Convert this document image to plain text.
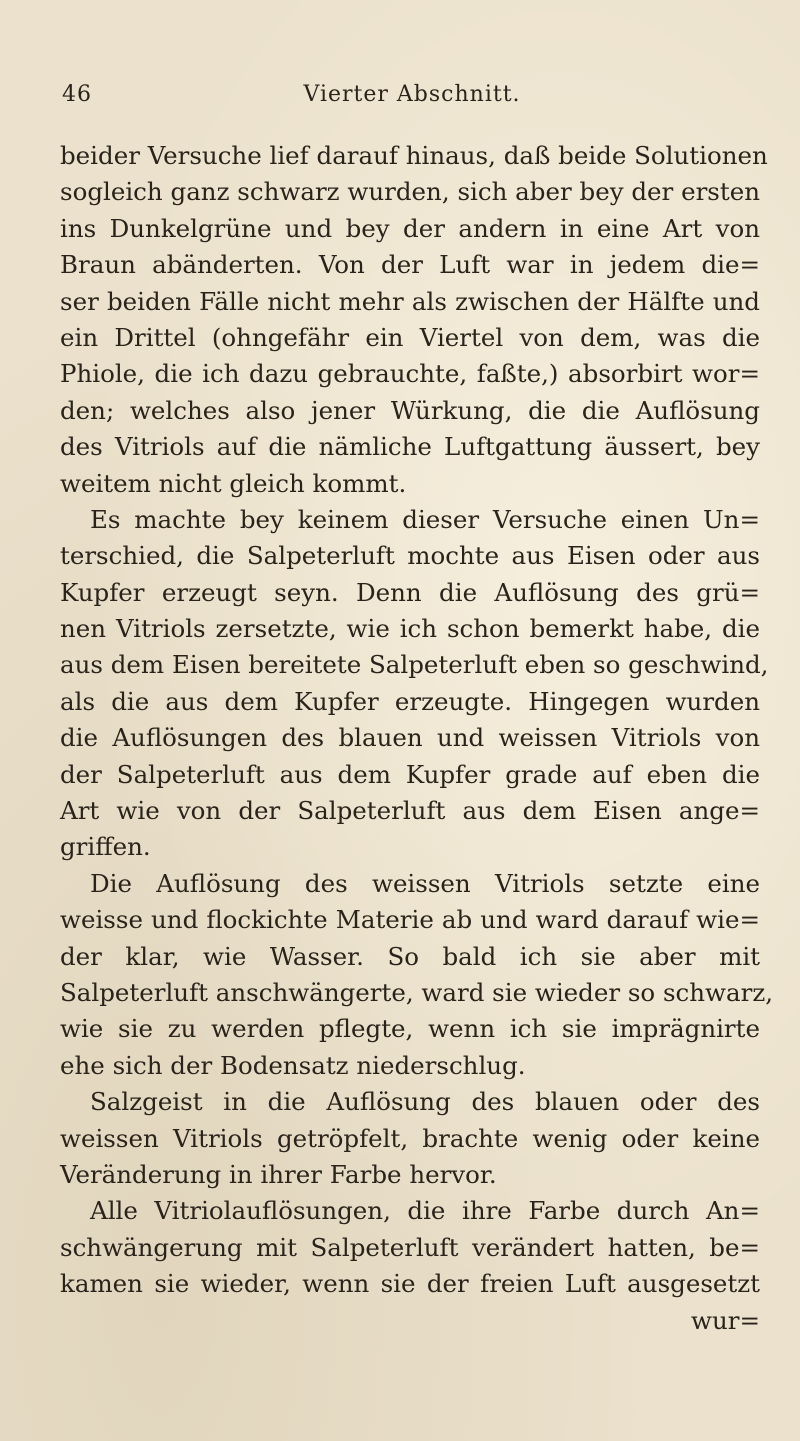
46	Vierter Abschnitt.
beider Versuche lief darauf hinaus, daß beide Solutionen
sogleich ganz schwarz wurden, sich aber bey der ersten
ins Dunkelgrüne und bey der andern in eine Art von
Braun abänderten. Von der Luft war in jedem die=
ser beiden Fälle nicht mehr als zwischen der Hälfte und
ein Drittel (ohngefähr ein Viertel von dem, was die
Phiole, die ich dazu gebrauchte, faßte,) absorbirt wor=
den; welches also jener Würkung, die die Auflösung
des Vitriols auf die nämliche Luftgattung äussert, bey
weitem nicht gleich kommt.
Es machte bey keinem dieser Versuche einen Un=
terschied, die Salpeterluft mochte aus Eisen oder aus
Kupfer erzeugt seyn. Denn die Auflösung des grü=
nen Vitriols zersetzte, wie ich schon bemerkt habe, die
aus dem Eisen bereitete Salpeterluft eben so geschwind,
als die aus dem Kupfer erzeugte. Hingegen wurden
die Auflösungen des blauen und weissen Vitriols von
der Salpeterluft aus dem Kupfer grade auf eben die
Art wie von der Salpeterluft aus dem Eisen ange=
griffen.
Die Auflösung des weissen Vitriols setzte eine
weisse und flockichte Materie ab und ward darauf wie=
der klar, wie Wasser. So bald ich sie aber mit
Salpeterluft anschwängerte, ward sie wieder so schwarz,
wie sie zu werden pflegte, wenn ich sie imprägnirte
ehe sich der Bodensatz niederschlug.
Salzgeist in die Auflösung des blauen oder des
weissen Vitriols getröpfelt, brachte wenig oder keine
Veränderung in ihrer Farbe hervor.
Alle Vitriolauflösungen, die ihre Farbe durch An=
schwängerung mit Salpeterluft verändert hatten, be=
kamen sie wieder, wenn sie der freien Luft ausgesetzt
wur=
